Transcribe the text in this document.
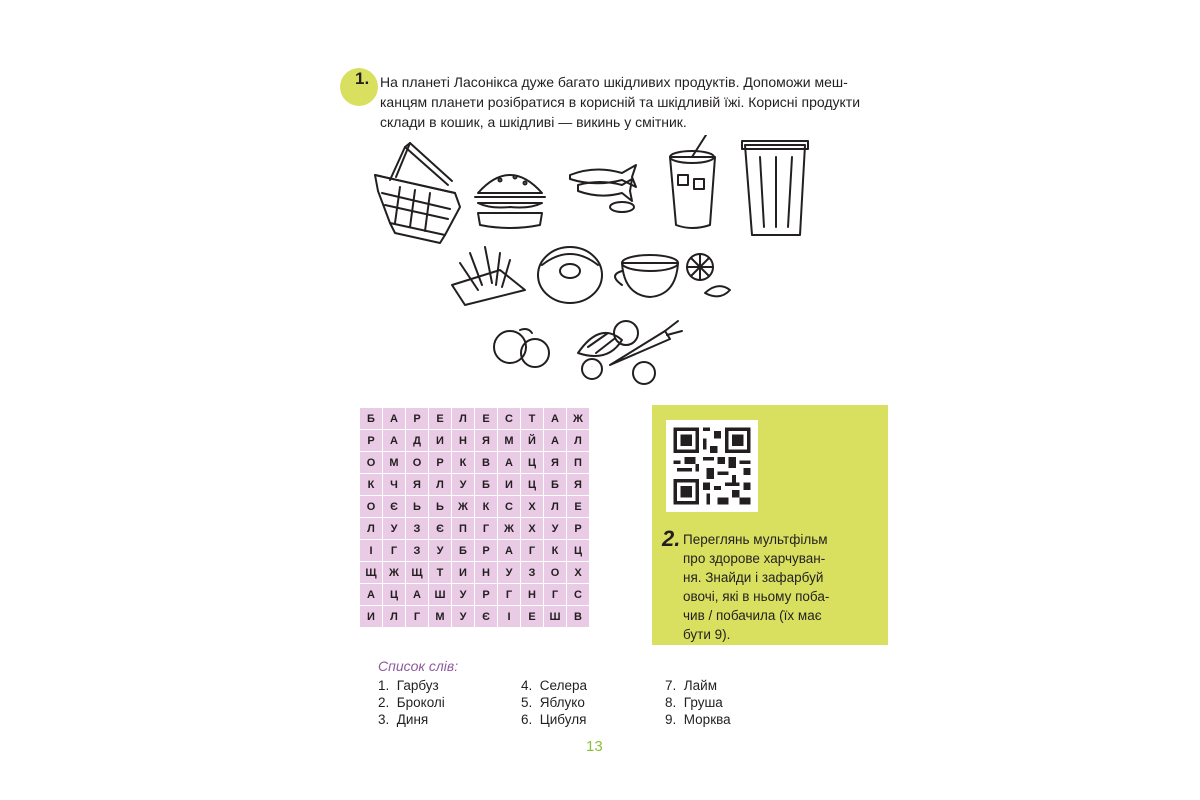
1. На планеті Ласонікса дуже багато шкідливих продуктів. Допоможи меш-
канцям планети розібратися в корисній та шкідливій їжі. Корисні продукти
склади в кошик, а шкідливі — викинь у смітник.
Б	А	Р	Е	Л	Е	С	Т	А	Ж
Р	А	Д	И	Н	Я	М	Й	А	Л
О	М	О	Р	К	В	А	Ц	Я	П
К	Ч	Я	Л	У	Б	И	Ц	Б	Я
О	Є	Ь	Ь	Ж	К	С	Х	Л	Е
Л	У	З	Є	П	Г	Ж	Х	У	Р
І	Г	З	У	Б	Р	А	Г	К	Ц
Щ	Ж	Щ	Т	И	Н	У	З	О	Х
А	Ц	А	Ш	У	Р	Г	Н	Г	С
И	Л	Г	М	У	Є	І	Е	Ш	В
2. Переглянь мультфільм
про здорове харчуван-
ня. Знайди і зафарбуй
овочі, які в ньому поба-
чив / побачила (їх має
бути 9).
Список слів:
1. Гарбуз
2. Броколі
3. Диня
4. Селера
5. Яблуко
6. Цибуля
7. Лайм
8. Груша
9. Морква
13
